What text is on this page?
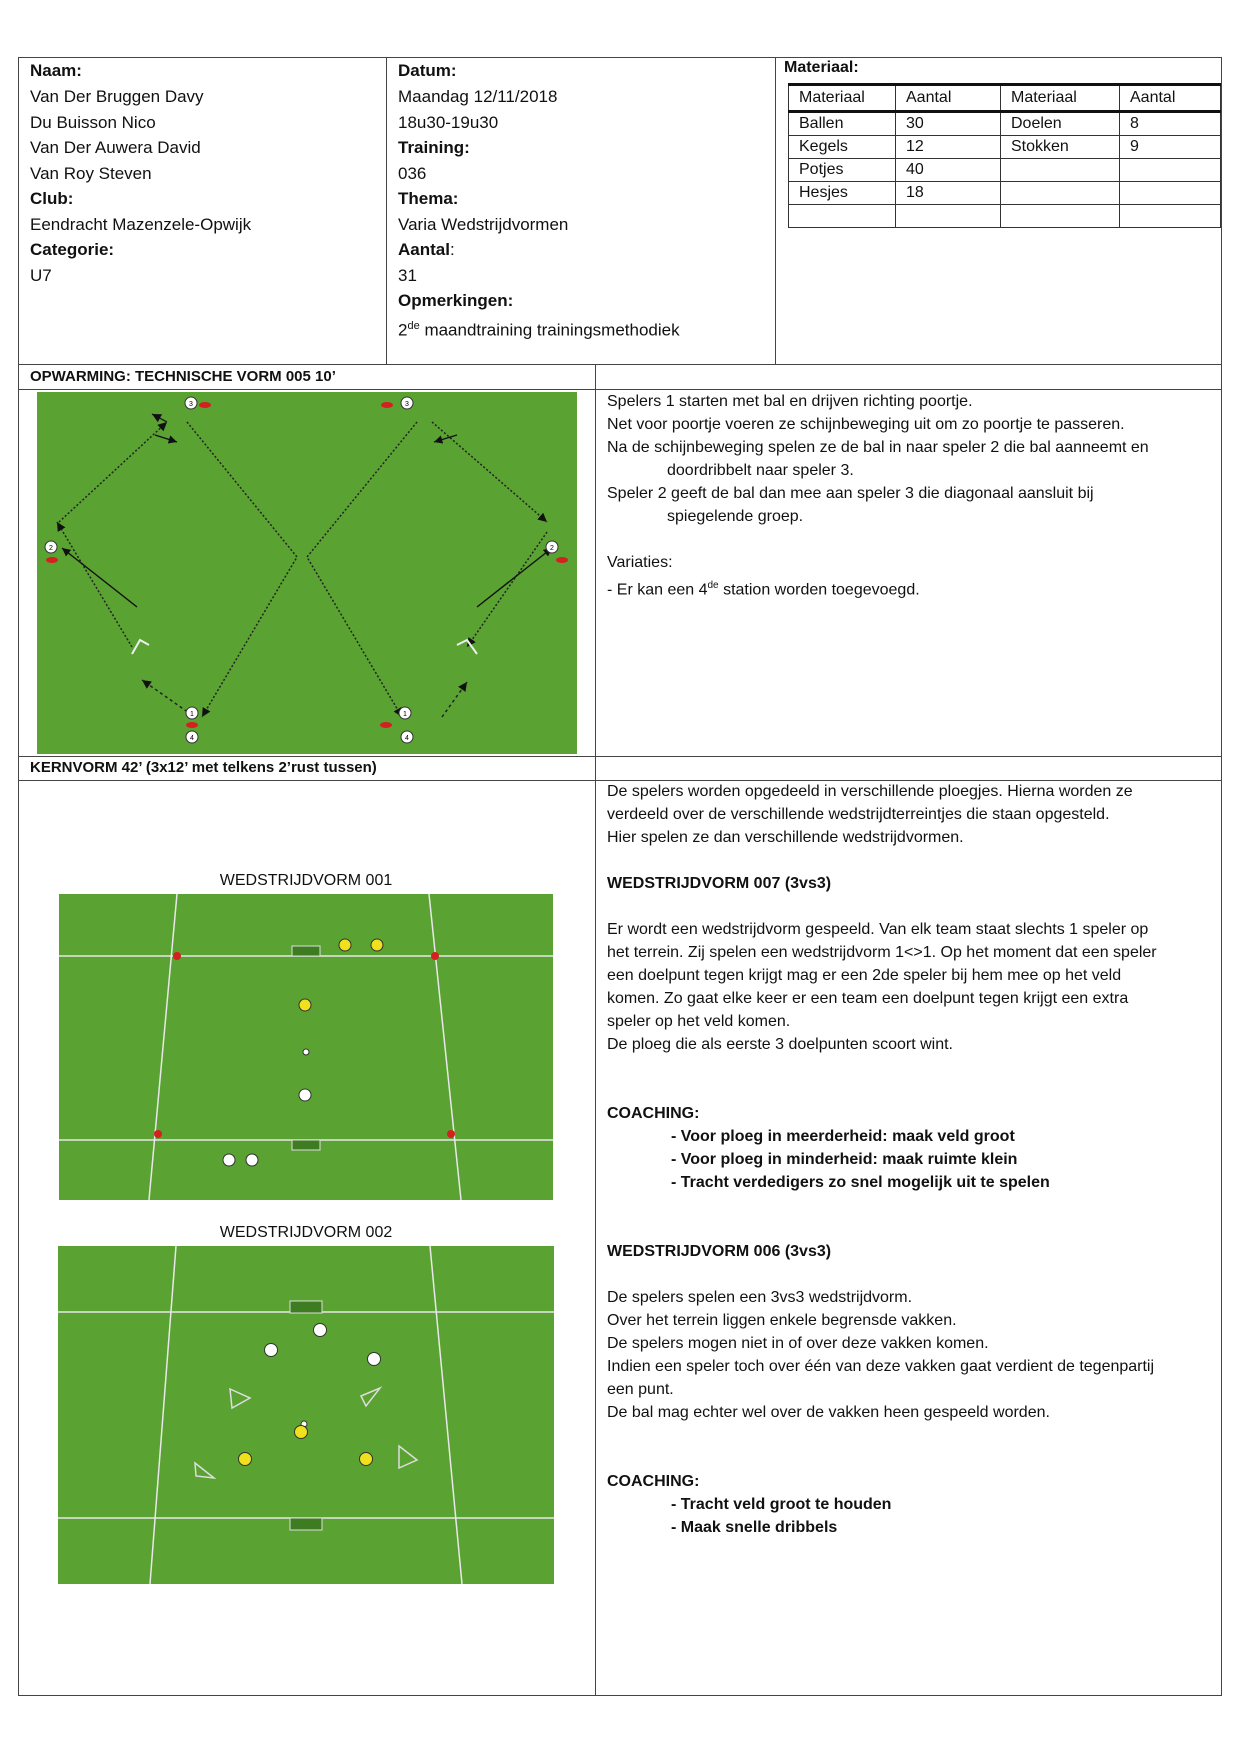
Naam:
Van Der Bruggen Davy
Du Buisson Nico
Van Der Auwera David
Van Roy Steven
Club:
Eendracht Mazenzele-Opwijk
Categorie:
U7
Datum:
Maandag 12/11/2018
18u30-19u30
Training:
036
Thema:
Varia Wedstrijdvormen
Aantal:
31
Opmerkingen:
2de maandtraining trainingsmethodiek
Materiaal:
Materiaal	Aantal	Materiaal	Aantal
Ballen	30	Doelen	8
Kegels	12	Stokken	9
Potjes	40		
Hesjes	18		

OPWARMING: TECHNISCHE VORM 005 10’
3	3
2	2
1	1
4	4

Spelers 1 starten met bal en drijven richting poortje.

Net voor poortje voeren ze schijnbeweging uit om zo poortje te passeren.

Na de schijnbeweging spelen ze de bal in naar speler 2 die bal aanneemt en

doordribbelt naar speler 3.

Speler 2 geeft de bal dan mee aan speler 3 die diagonaal aansluit bij

spiegelende groep.

Variaties:

- Er kan een 4de station worden toegevoegd.

KERNVORM 42’ (3x12’ met telkens 2’rust tussen)
WEDSTRIJDVORM 001
WEDSTRIJDVORM 002

De spelers worden opgedeeld in verschillende ploegjes. Hierna worden ze

verdeeld over de verschillende wedstrijdterreintjes die staan opgesteld.

Hier spelen ze dan verschillende wedstrijdvormen.

WEDSTRIJDVORM 007 (3vs3)

Er wordt een wedstrijdvorm gespeeld. Van elk team staat slechts 1 speler op

het terrein. Zij spelen een wedstrijdvorm 1<>1. Op het moment dat een speler

een doelpunt tegen krijgt mag er een 2de speler bij hem mee op het veld

komen. Zo gaat elke keer er een team een doelpunt tegen krijgt een extra

speler op het veld komen.

De ploeg die als eerste 3 doelpunten scoort wint.

COACHING:

- Voor ploeg in meerderheid: maak veld groot

- Voor ploeg in minderheid: maak ruimte klein

- Tracht verdedigers zo snel mogelijk uit te spelen

WEDSTRIJDVORM 006 (3vs3)

De spelers spelen een 3vs3 wedstrijdvorm.

Over het terrein liggen enkele begrensde vakken.

De spelers mogen niet in of over deze vakken komen.

Indien een speler toch over één van deze vakken gaat verdient de tegenpartij

een punt.

De bal mag echter wel over de vakken heen gespeeld worden.

COACHING:

- Tracht veld groot te houden

- Maak snelle dribbels
